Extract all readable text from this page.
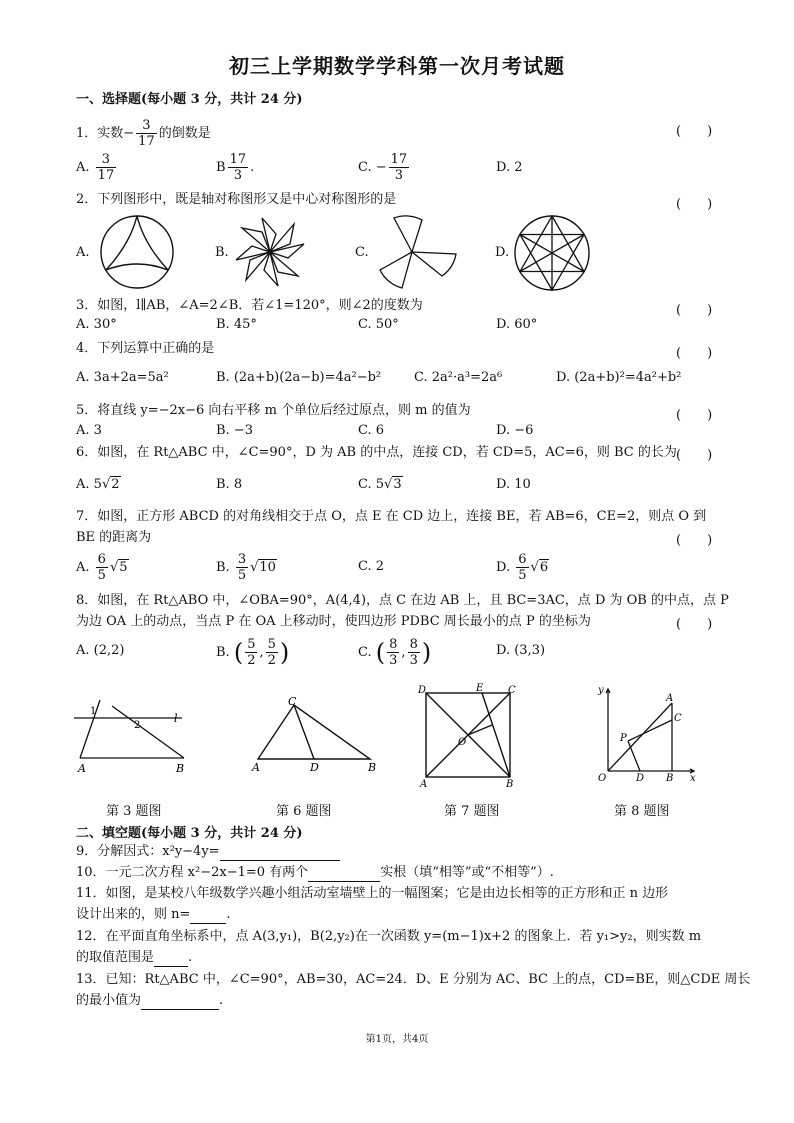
初三上学期数学学科第一次月考试题
一、选择题(每小题 3 分，共计 24 分)
1．实数− $\frac{3}{17}$ 的倒数是	(　　)
A. $\frac{3}{17}$	B $\frac{17}{3}$ .	C. − $\frac{17}{3}$	D. 2
2．下列图形中，既是轴对称图形又是中心对称图形的是	(　　)
A.	B.	C.	D.
3．如图，l∥AB，∠A=2∠B．若∠1=120°，则∠2的度数为	(　　)
A. 30°	B. 45°	C. 50°	D. 60°
4．下列运算中正确的是	(　　)
A. 3a+2a=5a²	B. (2a+b)(2a−b)=4a²−b²	C. 2a²·a³=2a⁶	D. (2a+b)²=4a²+b²
5．将直线 y=−2x−6 向右平移 m 个单位后经过原点，则 m 的值为	(　　)
A. 3	B. −3	C. 6	D. −6
6．如图，在 Rt△ABC 中，∠C=90°，D 为 AB 的中点，连接 CD，若 CD=5，AC=6，则 BC 的长为 (　　)
A. 5√2	B. 8	C. 5√3	D. 10
7．如图，正方形 ABCD 的对角线相交于点 O，点 E 在 CD 边上，连接 BE，若 AB=6，CE=2，则点 O 到
BE 的距离为	(　　)
A. $\frac{6}{5} √5$	B. $\frac{3}{5} √10$	C. 2	D. $\frac{6}{5} √6$
8．如图，在 Rt△ABO 中，∠OBA=90°，A(4,4)，点 C 在边 AB 上，且 BC=3AC，点 D 为 OB 的中点，点 P
为边 OA 上的动点，当点 P 在 OA 上移动时，使四边形 PDBC 周长最小的点 P 的坐标为	(　　)
A. (2,2)	B. ( $\frac{5}{2}$ , $\frac{5}{2}$ )	C. ( $\frac{8}{3}$ , $\frac{8}{3}$ )	D. (3,3)
1
2
l
A	B
C
A	D	B
D	E C
O
A	B
y
A
C
P
O	D B x
第 3 题图	第 6 题图	第 7 题图	第 8 题图
二、填空题(每小题 3 分，共计 24 分)
9．分解因式：x²y−4y=
10．一元二次方程 x²−2x−1=0 有两个	实根（填“相等”或“不相等”）.
11．如图，是某校八年级数学兴趣小组活动室墙壁上的一幅图案；它是由边长相等的正方形和正 n 边形
设计出来的，则 n=	.
12．在平面直角坐标系中，点 A(3,y₁)，B(2,y₂)在一次函数 y=(m−1)x+2 的图象上．若 y₁>y₂，则实数 m
的取值范围是	.
13．已知：Rt△ABC 中，∠C=90°，AB=30，AC=24．D、E 分别为 AC、BC 上的点，CD=BE，则△CDE 周长
的最小值为	.
第1页，共4页
